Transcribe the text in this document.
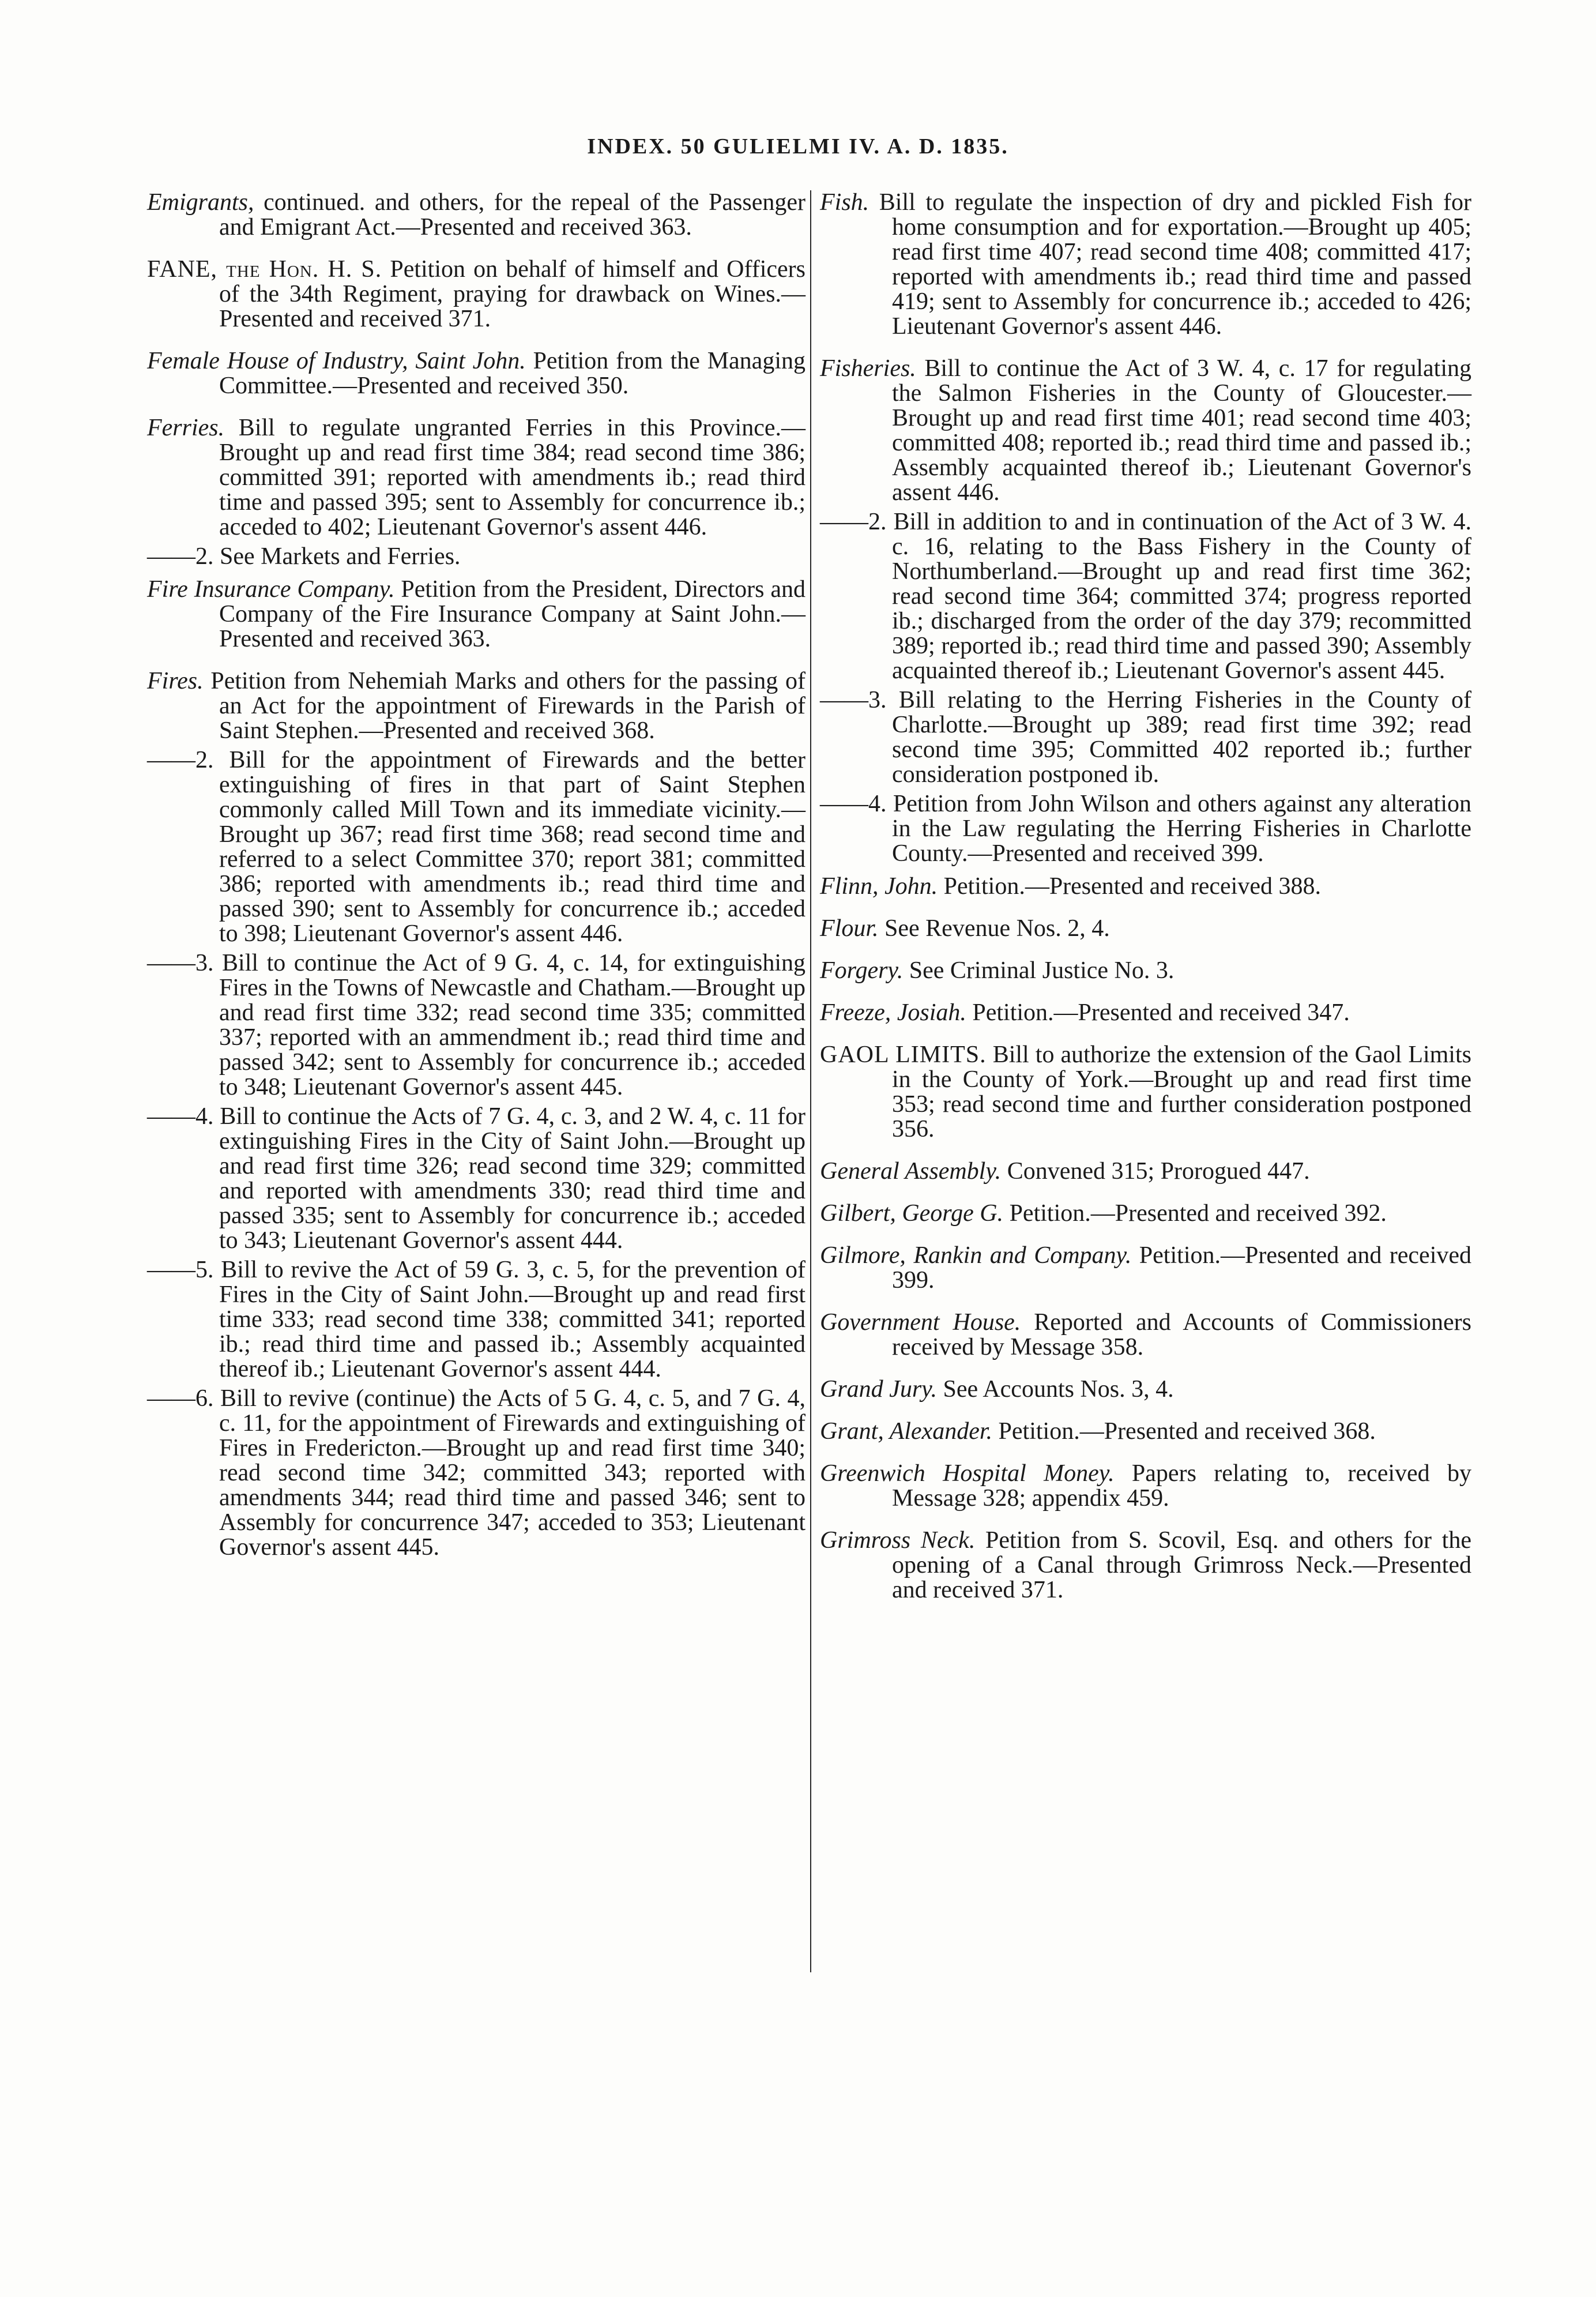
INDEX. 50 GULIELMI IV. A. D. 1835.

Emigrants, continued. and others, for the repeal of the Passenger and Emigrant Act.—Presented and received 363.

FANE, the Hon. H. S. Petition on behalf of himself and Officers of the 34th Regiment, praying for drawback on Wines.—Presented and received 371.

Female House of Industry, Saint John. Petition from the Managing Committee.—Presented and received 350.

Ferries. Bill to regulate ungranted Ferries in this Province.—Brought up and read first time 384; read second time 386; committed 391; reported with amendments ib.; read third time and passed 395; sent to Assembly for concurrence ib.; acceded to 402; Lieutenant Governor's assent 446.

——2. See Markets and Ferries.

Fire Insurance Company. Petition from the President, Directors and Company of the Fire Insurance Company at Saint John.—Presented and received 363.

Fires. Petition from Nehemiah Marks and others for the passing of an Act for the appointment of Firewards in the Parish of Saint Stephen.—Presented and received 368.

——2. Bill for the appointment of Firewards and the better extinguishing of fires in that part of Saint Stephen commonly called Mill Town and its immediate vicinity.—Brought up 367; read first time 368; read second time and referred to a select Committee 370; report 381; committed 386; reported with amendments ib.; read third time and passed 390; sent to Assembly for concurrence ib.; acceded to 398; Lieutenant Governor's assent 446.

——3. Bill to continue the Act of 9 G. 4, c. 14, for extinguishing Fires in the Towns of Newcastle and Chatham.—Brought up and read first time 332; read second time 335; committed 337; reported with an ammendment ib.; read third time and passed 342; sent to Assembly for concurrence ib.; acceded to 348; Lieutenant Governor's assent 445.

——4. Bill to continue the Acts of 7 G. 4, c. 3, and 2 W. 4, c. 11 for extinguishing Fires in the City of Saint John.—Brought up and read first time 326; read second time 329; committed and reported with amendments 330; read third time and passed 335; sent to Assembly for concurrence ib.; acceded to 343; Lieutenant Governor's assent 444.

——5. Bill to revive the Act of 59 G. 3, c. 5, for the prevention of Fires in the City of Saint John.—Brought up and read first time 333; read second time 338; committed 341; reported ib.; read third time and passed ib.; Assembly acquainted thereof ib.; Lieutenant Governor's assent 444.

——6. Bill to revive (continue) the Acts of 5 G. 4, c. 5, and 7 G. 4, c. 11, for the appointment of Firewards and extinguishing of Fires in Fredericton.—Brought up and read first time 340; read second time 342; committed 343; reported with amendments 344; read third time and passed 346; sent to Assembly for concurrence 347; acceded to 353; Lieutenant Governor's assent 445.

Fish. Bill to regulate the inspection of dry and pickled Fish for home consumption and for exportation.—Brought up 405; read first time 407; read second time 408; committed 417; reported with amendments ib.; read third time and passed 419; sent to Assembly for concurrence ib.; acceded to 426; Lieutenant Governor's assent 446.

Fisheries. Bill to continue the Act of 3 W. 4, c. 17 for regulating the Salmon Fisheries in the County of Gloucester.—Brought up and read first time 401; read second time 403; committed 408; reported ib.; read third time and passed ib.; Assembly acquainted thereof ib.; Lieutenant Governor's assent 446.

——2. Bill in addition to and in continuation of the Act of 3 W. 4. c. 16, relating to the Bass Fishery in the County of Northumberland.—Brought up and read first time 362; read second time 364; committed 374; progress reported ib.; discharged from the order of the day 379; recommitted 389; reported ib.; read third time and passed 390; Assembly acquainted thereof ib.; Lieutenant Governor's assent 445.

——3. Bill relating to the Herring Fisheries in the County of Charlotte.—Brought up 389; read first time 392; read second time 395; Committed 402 reported ib.; further consideration postponed ib.

——4. Petition from John Wilson and others against any alteration in the Law regulating the Herring Fisheries in Charlotte County.—Presented and received 399.

Flinn, John. Petition.—Presented and received 388.

Flour. See Revenue Nos. 2, 4.

Forgery. See Criminal Justice No. 3.

Freeze, Josiah. Petition.—Presented and received 347.

GAOL LIMITS. Bill to authorize the extension of the Gaol Limits in the County of York.—Brought up and read first time 353; read second time and further consideration postponed 356.

General Assembly. Convened 315; Prorogued 447.

Gilbert, George G. Petition.—Presented and received 392.

Gilmore, Rankin and Company. Petition.—Presented and received 399.

Government House. Reported and Accounts of Commissioners received by Message 358.

Grand Jury. See Accounts Nos. 3, 4.

Grant, Alexander. Petition.—Presented and received 368.

Greenwich Hospital Money. Papers relating to, received by Message 328; appendix 459.

Grimross Neck. Petition from S. Scovil, Esq. and others for the opening of a Canal through Grimross Neck.—Presented and received 371.
